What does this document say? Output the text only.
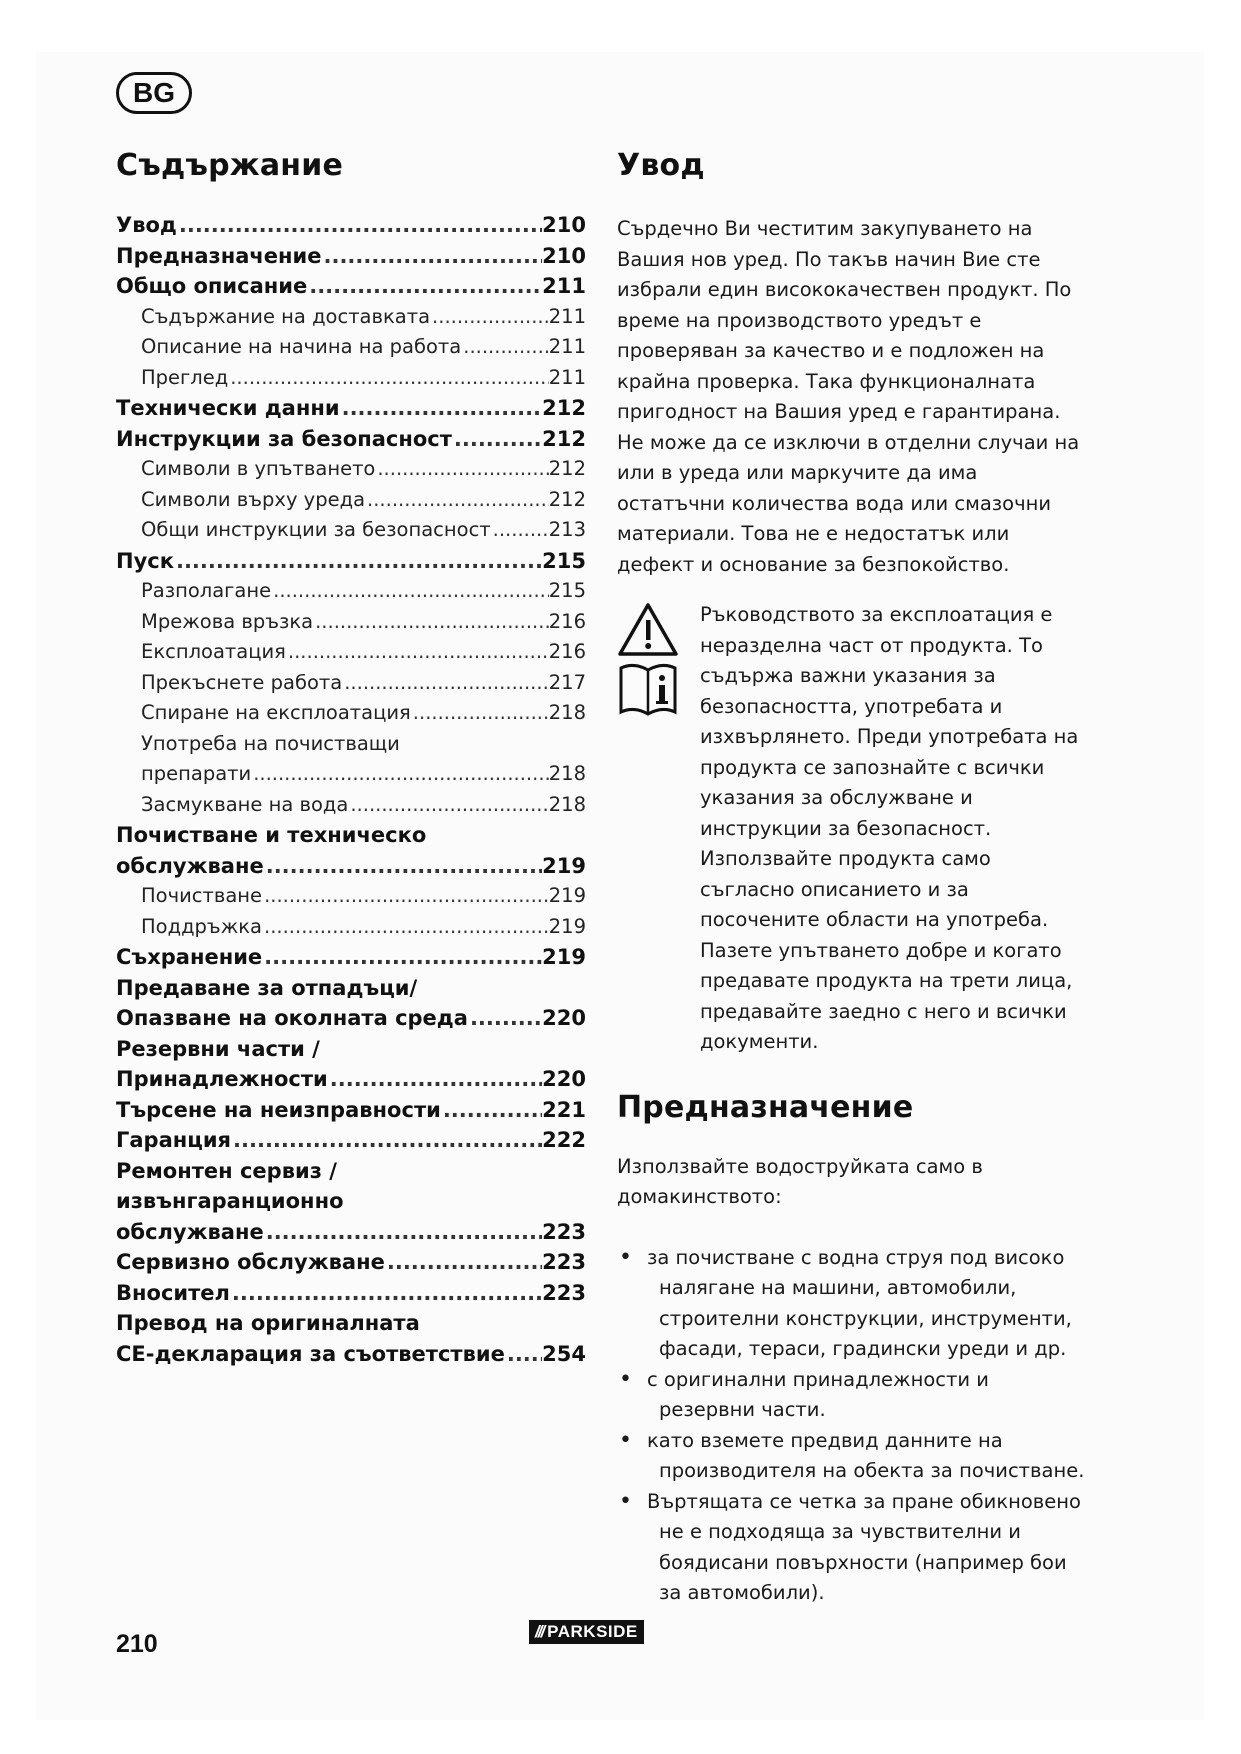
BG
Съдържание
Увод .....	210
Предназначение .....	210
Общо описание .....	211
Съдържание на доставката .....	211
Описание на начина на работа .....	211
Преглед .....	211
Технически данни .....	212
Инструкции за безопасност .....	212
Символи в упътването .....	212
Символи върху уреда .....	212
Общи инструкции за безопасност .....	213
Пуск .....	215
Разполагане .....	215
Мрежова връзка .....	216
Експлоатация .....	216
Прекъснете работа .....	217
Спиране на експлоатация .....	218
Употреба на почистващи
препарати .....	218
Засмукване на вода .....	218
Почистване и техническо
обслужване .....	219
Почистване .....	219
Поддръжка .....	219
Съхранение .....	219
Предаване за отпадъци/
Опазване на околната среда .....	220
Резервни части /
Принадлежности .....	220
Търсене на неизправности .....	221
Гаранция .....	222
Ремонтен сервиз /
извънгаранционно
обслужване .....	223
Сервизно обслужване .....	223
Вносител .....	223
Превод на оригиналната
CE-декларация за съответствие ..... 254
Увод

Сърдечно Ви честитим закупуването на Вашия нов уред. По такъв начин Вие сте избрали един висококачествен продукт. По време на производството уредът е проверяван за качество и е подложен на крайна проверка. Така функционалната пригодност на Вашия уред е гарантирана. Не може да се изключи в отделни случаи на или в уреда или маркучите да има остатъчни количества вода или смазочни материали. Това не е недостатък или дефект и основание за безпокойство.

Ръководството за експлоатация е неразделна част от продукта. То съдържа важни указания за безопасността, употребата и изхвърлянето. Преди употребата на продукта се запознайте с всички указания за обслужване и инструкции за безопасност. Използвайте продукта само съгласно описанието и за посочените области на употреба. Пазете упътването добре и когато предавате продукта на трети лица, предавайте заедно с него и всички документи.

Предназначение

Използвайте водоструйката само в домакинството:

• за почистване с водна струя под високо налягане на машини, автомобили, строителни конструкции, инструменти, фасади, тераси, градински уреди и др.
• с оригинални принадлежности и резервни части.
• като вземете предвид данните на производителя на обекта за почистване.
• Въртящата се четка за пране обикновено не е подходяща за чувствителни и боядисани повърхности (например бои за автомобили).
210	/// PARKSIDE
